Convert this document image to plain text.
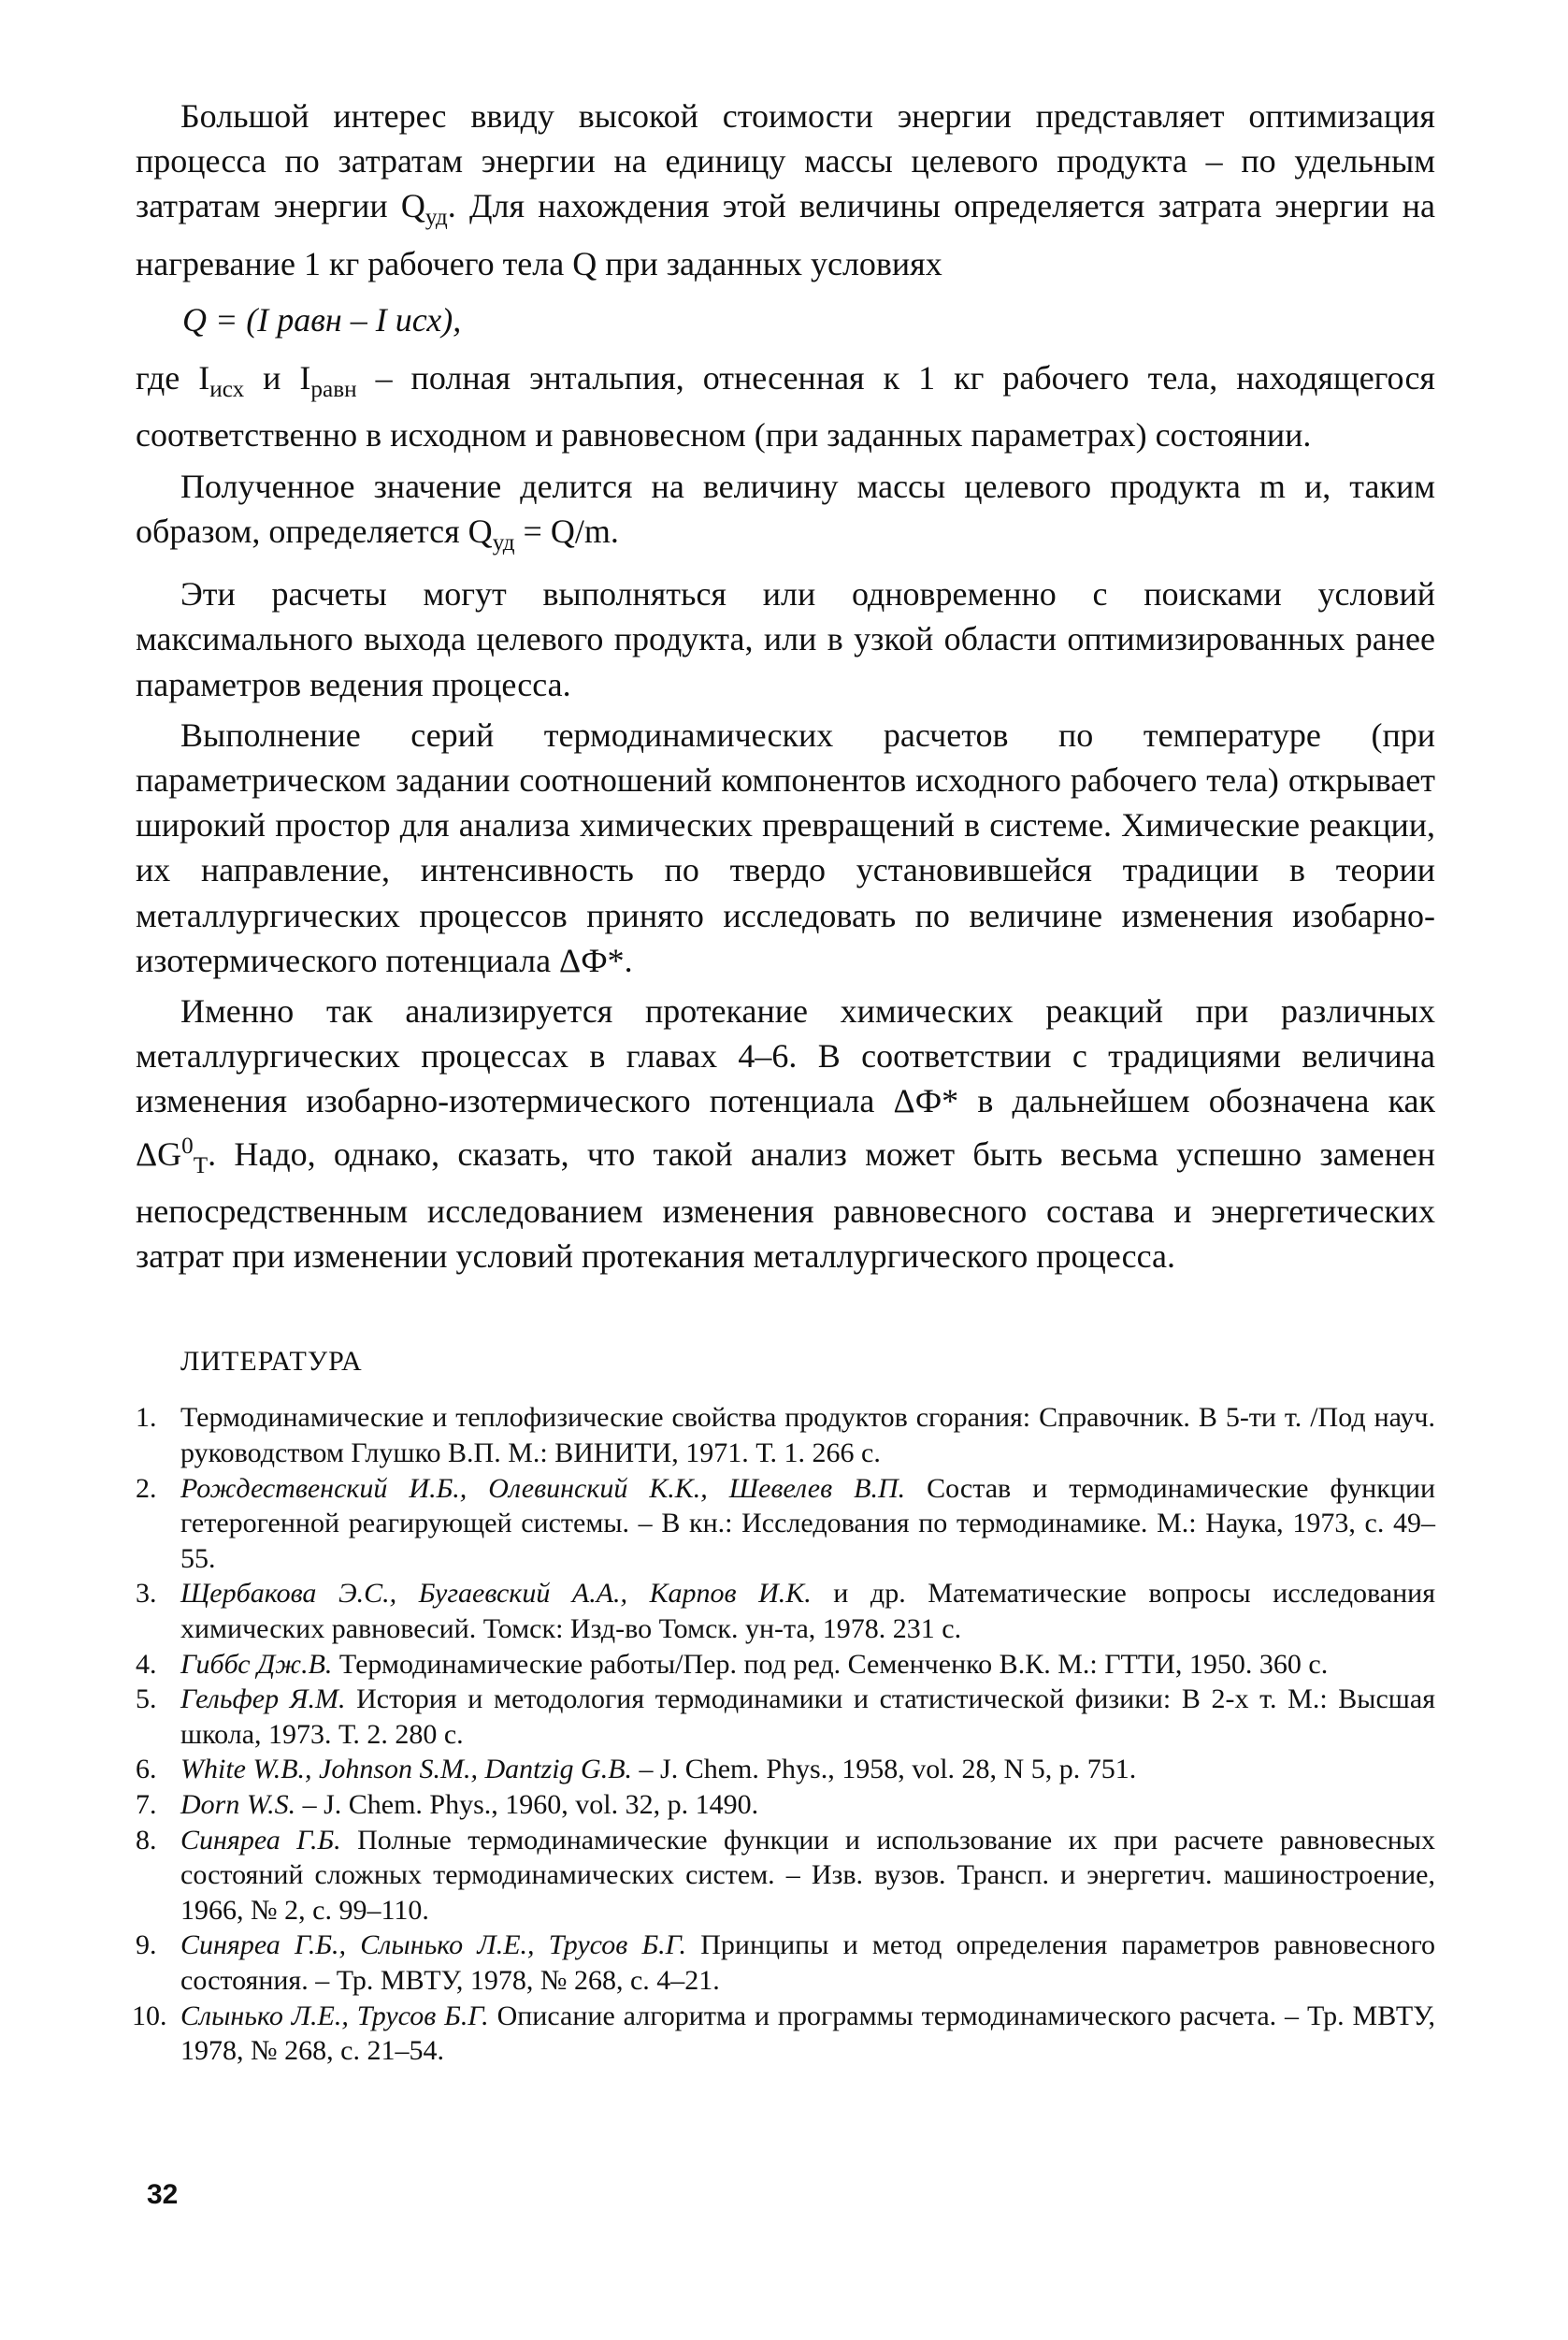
Большой интерес ввиду высокой стоимости энергии представляет оптимизация процесса по затратам энергии на единицу массы целевого продукта – по удельным затратам энергии $Q_{уд}$. Для нахождения этой величины определяется затрата энергии на нагревание 1 кг рабочего тела Q при заданных условиях

Q = (I равн – I исх),

где $I_{исх}$ и $I_{равн}$ – полная энтальпия, отнесенная к 1 кг рабочего тела, находящегося соответственно в исходном и равновесном (при заданных параметрах) состоянии.

Полученное значение делится на величину массы целевого продукта m и, таким образом, определяется $Q_{уд} = Q/m$.

Эти расчеты могут выполняться или одновременно с поисками условий максимального выхода целевого продукта, или в узкой области оптимизированных ранее параметров ведения процесса.

Выполнение серий термодинамических расчетов по температуре (при параметрическом задании соотношений компонентов исходного рабочего тела) открывает широкий простор для анализа химических превращений в системе. Химические реакции, их направление, интенсивность по твердо установившейся традиции в теории металлургических процессов принято исследовать по величине изменения изобарно-изотермического потенциала ΔФ*.

Именно так анализируется протекание химических реакций при различных металлургических процессах в главах 4–6. В соответствии с традициями величина изменения изобарно-изотермического потенциала ΔФ* в дальнейшем обозначена как $\Delta G^0_T$. Надо, однако, сказать, что такой анализ может быть весьма успешно заменен непосредственным исследованием изменения равновесного состава и энергетических затрат при изменении условий протекания металлургического процесса.

ЛИТЕРАТУРА
1. Термодинамические и теплофизические свойства продуктов сгорания: Справочник. В 5-ти т. /Под науч. руководством Глушко В.П. М.: ВИНИТИ, 1971. Т. 1. 266 с.
2. Рождественский И.Б., Олевинский К.К., Шевелев В.П. Состав и термодинамические функции гетерогенной реагирующей системы. – В кн.: Исследования по термодинамике. М.: Наука, 1973, с. 49–55.
3. Щербакова Э.С., Бугаевский А.А., Карпов И.К. и др. Математические вопросы исследования химических равновесий. Томск: Изд-во Томск. ун-та, 1978. 231 с.
4. Гиббс Дж.В. Термодинамические работы/Пер. под ред. Семенченко В.К. М.: ГТТИ, 1950. 360 с.
5. Гельфер Я.М. История и методология термодинамики и статистической физики: В 2-х т. М.: Высшая школа, 1973. Т. 2. 280 с.
6. White W.B., Johnson S.M., Dantzig G.B. – J. Chem. Phys., 1958, vol. 28, N 5, p. 751.
7. Dorn W.S. – J. Chem. Phys., 1960, vol. 32, p. 1490.
8. Синяреа Г.Б. Полные термодинамические функции и использование их при расчете равновесных состояний сложных термодинамических систем. – Изв. вузов. Трансп. и энергетич. машиностроение, 1966, № 2, с. 99–110.
9. Синяреа Г.Б., Слынько Л.Е., Трусов Б.Г. Принципы и метод определения параметров равновесного состояния. – Тр. МВТУ, 1978, № 268, с. 4–21.
10. Слынько Л.Е., Трусов Б.Г. Описание алгоритма и программы термодинамического расчета. – Тр. МВТУ, 1978, № 268, с. 21–54.
32
